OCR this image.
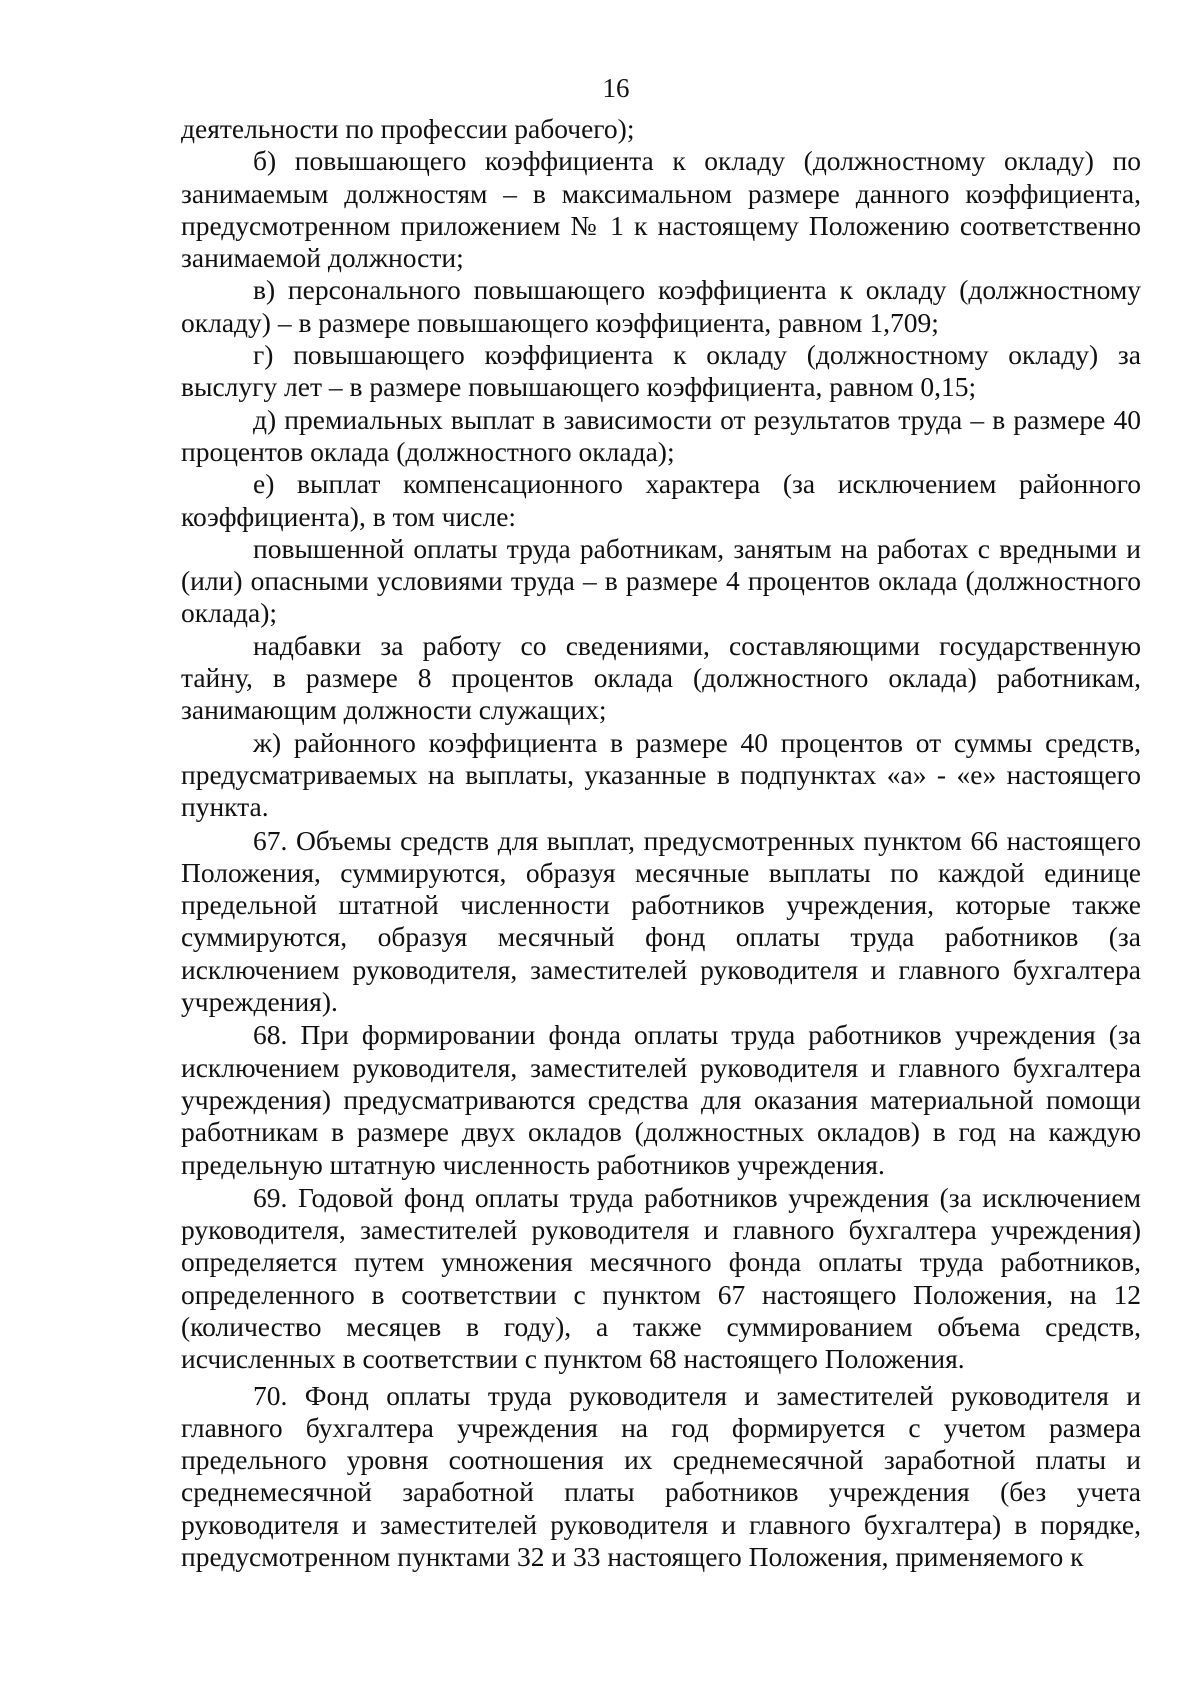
16

деятельности по профессии рабочего);

б) повышающего коэффициента к окладу (должностному окладу) по занимаемым должностям – в максимальном размере данного коэффициента, предусмотренном приложением № 1 к настоящему Положению соответственно занимаемой должности;

в) персонального повышающего коэффициента к окладу (должностному окладу) – в размере повышающего коэффициента, равном 1,709;

г) повышающего коэффициента к окладу (должностному окладу) за выслугу лет – в размере повышающего коэффициента, равном 0,15;

д) премиальных выплат в зависимости от результатов труда – в размере 40 процентов оклада (должностного оклада);

е) выплат компенсационного характера (за исключением районного коэффициента), в том числе:

повышенной оплаты труда работникам, занятым на работах с вредными и (или) опасными условиями труда – в размере 4 процентов оклада (должностного оклада);

надбавки за работу со сведениями, составляющими государственную тайну, в размере 8 процентов оклада (должностного оклада) работникам, занимающим должности служащих;

ж) районного коэффициента в размере 40 процентов от суммы средств, предусматриваемых на выплаты, указанные в подпунктах «а» - «е» настоящего пункта.

67. Объемы средств для выплат, предусмотренных пунктом 66 настоящего Положения, суммируются, образуя месячные выплаты по каждой единице предельной штатной численности работников учреждения, которые также суммируются, образуя месячный фонд оплаты труда работников (за исключением руководителя, заместителей руководителя и главного бухгалтера учреждения).

68. При формировании фонда оплаты труда работников учреждения (за исключением руководителя, заместителей руководителя и главного бухгалтера учреждения) предусматриваются средства для оказания материальной помощи работникам в размере двух окладов (должностных окладов) в год на каждую предельную штатную численность работников учреждения.

69. Годовой фонд оплаты труда работников учреждения (за исключением руководителя, заместителей руководителя и главного бухгалтера учреждения) определяется путем умножения месячного фонда оплаты труда работников, определенного в соответствии с пунктом 67 настоящего Положения, на 12 (количество месяцев в году), а также суммированием объема средств, исчисленных в соответствии с пунктом 68 настоящего Положения.

70. Фонд оплаты труда руководителя и заместителей руководителя и главного бухгалтера учреждения на год формируется с учетом размера предельного уровня соотношения их среднемесячной заработной платы и среднемесячной заработной платы работников учреждения (без учета руководителя и заместителей руководителя и главного бухгалтера) в порядке, предусмотренном пунктами 32 и 33 настоящего Положения, применяемого к
